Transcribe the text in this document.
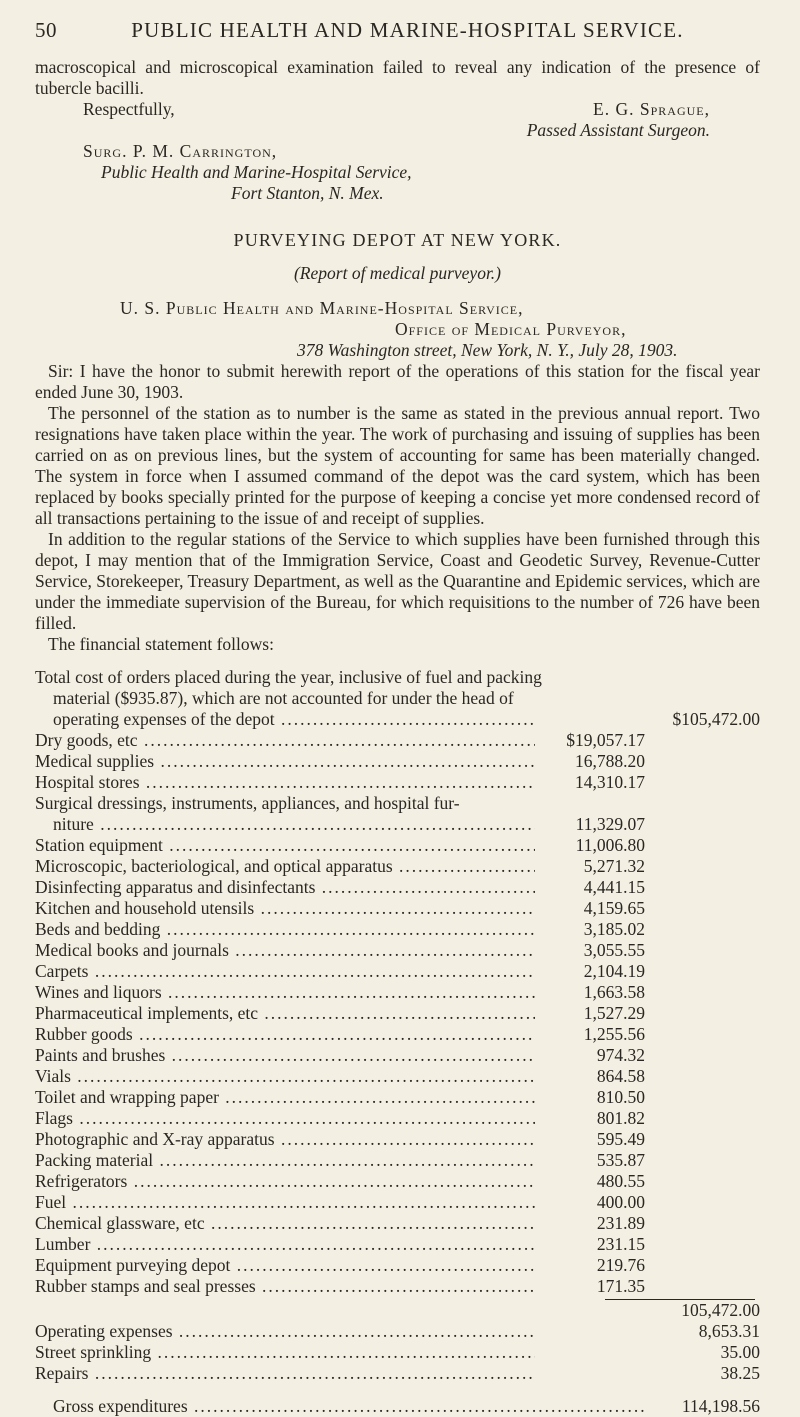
50	PUBLIC HEALTH AND MARINE-HOSPITAL SERVICE.

macroscopical and microscopical examination failed to reveal any indication of the presence of tubercle bacilli.

Respectfully,	E. G. Sprague,
Passed Assistant Surgeon.
Surg. P. M. Carrington,
Public Health and Marine-Hospital Service,
Fort Stanton, N. Mex.
PURVEYING DEPOT AT NEW YORK.
(Report of medical purveyor.)
U. S. Public Health and Marine-Hospital Service,
Office of Medical Purveyor,
378 Washington street, New York, N. Y., July 28, 1903.

Sir: I have the honor to submit herewith report of the operations of this station for the fiscal year ended June 30, 1903.

The personnel of the station as to number is the same as stated in the previous annual report. Two resignations have taken place within the year. The work of purchasing and issuing of supplies has been carried on as on previous lines, but the system of accounting for same has been materially changed. The system in force when I assumed command of the depot was the card system, which has been replaced by books specially printed for the purpose of keeping a concise yet more condensed record of all transactions pertaining to the issue of and receipt of supplies.

In addition to the regular stations of the Service to which supplies have been furnished through this depot, I may mention that of the Immigration Service, Coast and Geodetic Survey, Revenue-Cutter Service, Storekeeper, Treasury Department, as well as the Quarantine and Epidemic services, which are under the immediate supervision of the Bureau, for which requisitions to the number of 726 have been filled.

The financial statement follows:

Total cost of orders placed during the year, inclusive of fuel and packing
material ($935.87), which are not accounted for under the head of
operating expenses of the depot .....	$105,472.00
Dry goods, etc .....	$19,057.17
Medical supplies .....	16,788.20
Hospital stores .....	14,310.17
Surgical dressings, instruments, appliances, and hospital fur-
niture .....	11,329.07
Station equipment .....	11,006.80
Microscopic, bacteriological, and optical apparatus .....	5,271.32
Disinfecting apparatus and disinfectants .....	4,441.15
Kitchen and household utensils .....	4,159.65
Beds and bedding .....	3,185.02
Medical books and journals .....	3,055.55
Carpets .....	2,104.19
Wines and liquors .....	1,663.58
Pharmaceutical implements, etc .....	1,527.29
Rubber goods .....	1,255.56
Paints and brushes .....	974.32
Vials .....	864.58
Toilet and wrapping paper .....	810.50
Flags .....	801.82
Photographic and X-ray apparatus .....	595.49
Packing material .....	535.87
Refrigerators .....	480.55
Fuel .....	400.00
Chemical glassware, etc .....	231.89
Lumber .....	231.15
Equipment purveying depot .....	219.76
Rubber stamps and seal presses .....	171.35
105,472.00
Operating expenses .....	8,653.31
Street sprinkling .....	35.00
Repairs .....	38.25
Gross expenditures .....	114,198.56
